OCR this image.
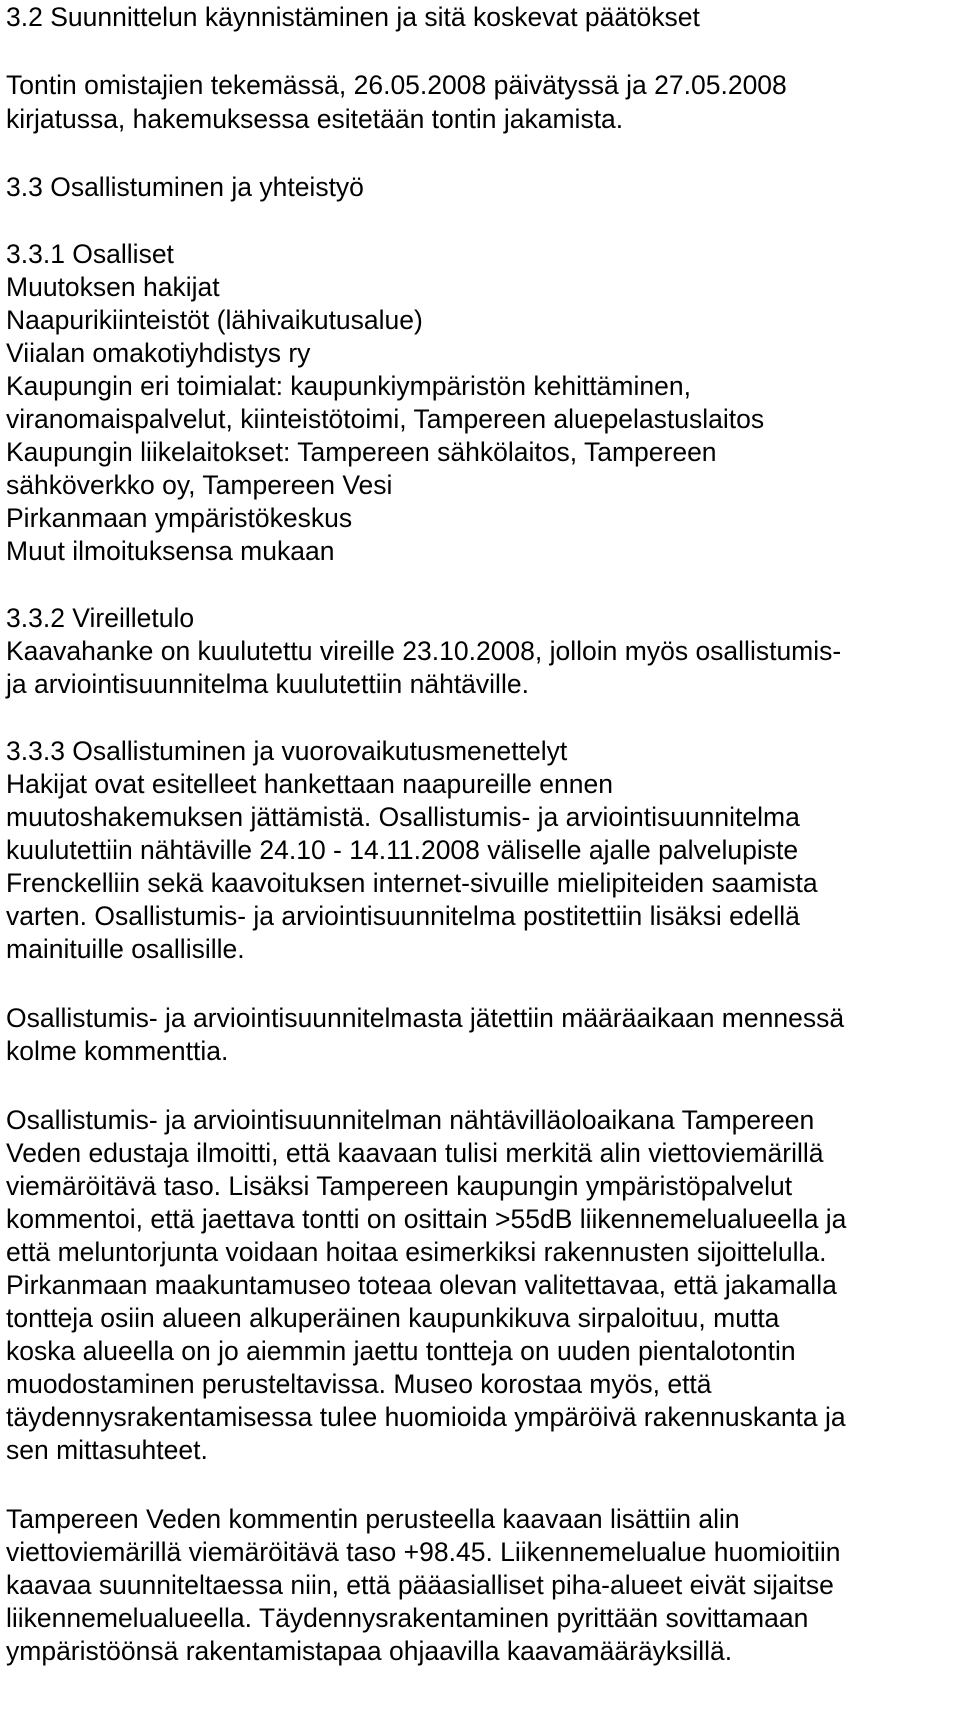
3.2 Suunnittelun käynnistäminen ja sitä koskevat päätökset
Tontin omistajien tekemässä, 26.05.2008 päivätyssä ja 27.05.2008
kirjatussa, hakemuksessa esitetään tontin jakamista.
3.3 Osallistuminen ja yhteistyö
3.3.1 Osalliset
Muutoksen hakijat
Naapurikiinteistöt (lähivaikutusalue)
Viialan omakotiyhdistys ry
Kaupungin eri toimialat: kaupunkiympäristön kehittäminen,
viranomaispalvelut, kiinteistötoimi, Tampereen aluepelastuslaitos
Kaupungin liikelaitokset: Tampereen sähkölaitos, Tampereen
sähköverkko oy, Tampereen Vesi
Pirkanmaan ympäristökeskus
Muut ilmoituksensa mukaan
3.3.2 Vireilletulo
Kaavahanke on kuulutettu vireille 23.10.2008, jolloin myös osallistumis-
ja arviointisuunnitelma kuulutettiin nähtäville.
3.3.3 Osallistuminen ja vuorovaikutusmenettelyt
Hakijat ovat esitelleet hankettaan naapureille ennen
muutoshakemuksen jättämistä. Osallistumis- ja arviointisuunnitelma
kuulutettiin nähtäville 24.10 - 14.11.2008 väliselle ajalle palvelupiste
Frenckelliin sekä kaavoituksen internet-sivuille mielipiteiden saamista
varten. Osallistumis- ja arviointisuunnitelma postitettiin lisäksi edellä
mainituille osallisille.
Osallistumis- ja arviointisuunnitelmasta jätettiin määräaikaan mennessä
kolme kommenttia.
Osallistumis- ja arviointisuunnitelman nähtävilläoloaikana Tampereen
Veden edustaja ilmoitti, että kaavaan tulisi merkitä alin viettoviemärillä
viemäröitävä taso. Lisäksi Tampereen kaupungin ympäristöpalvelut
kommentoi, että jaettava tontti on osittain >55dB liikennemelualueella ja
että meluntorjunta voidaan hoitaa esimerkiksi rakennusten sijoittelulla.
Pirkanmaan maakuntamuseo toteaa olevan valitettavaa, että jakamalla
tontteja osiin alueen alkuperäinen kaupunkikuva sirpaloituu, mutta
koska alueella on jo aiemmin jaettu tontteja on uuden pientalotontin
muodostaminen perusteltavissa. Museo korostaa myös, että
täydennysrakentamisessa tulee huomioida ympäröivä rakennuskanta ja
sen mittasuhteet.
Tampereen Veden kommentin perusteella kaavaan lisättiin alin
viettoviemärillä viemäröitävä taso +98.45. Liikennemelualue huomioitiin
kaavaa suunniteltaessa niin, että pääasialliset piha-alueet eivät sijaitse
liikennemelualueella. Täydennysrakentaminen pyrittään sovittamaan
ympäristöönsä rakentamistapaa ohjaavilla kaavamääräyksillä.
